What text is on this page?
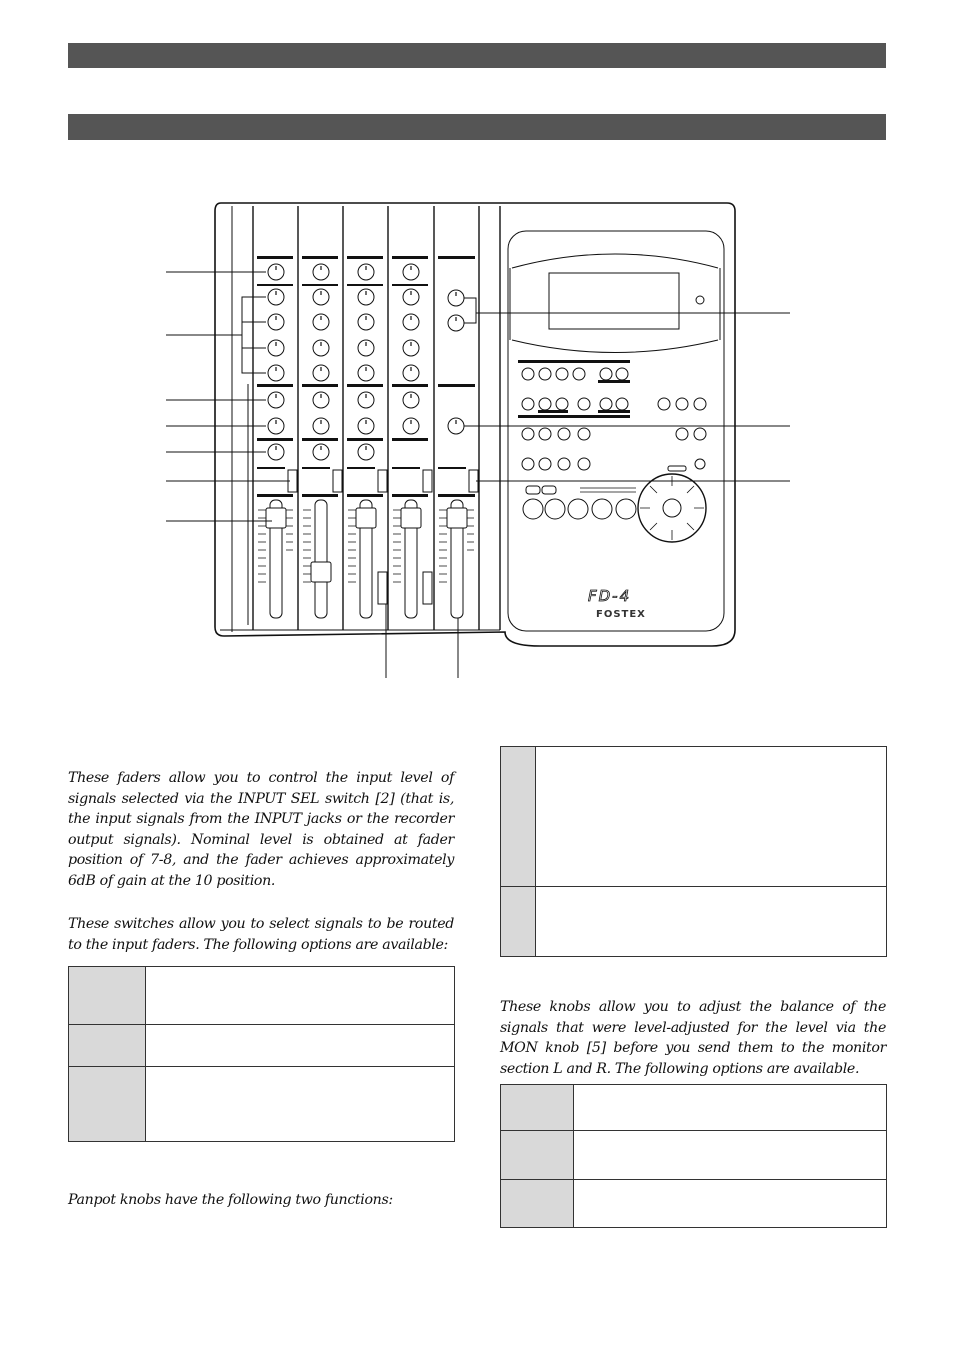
FD-4
FOSTEX

These faders allow you to control the input level of signals selected via the INPUT SEL switch [2] (that is, the input signals from the INPUT jacks or the recorder output signals). Nominal level is obtained at fader position of 7-8, and the fader achieves approximately 6dB of gain at the 10 position.

These switches allow you to select signals to be routed to the input faders. The following options are available:

Panpot knobs have the following two functions:

These knobs allow you to adjust the balance of the signals that were level-adjusted for the level via the MON knob [5] before you send them to the monitor section L and R. The following options are available.
